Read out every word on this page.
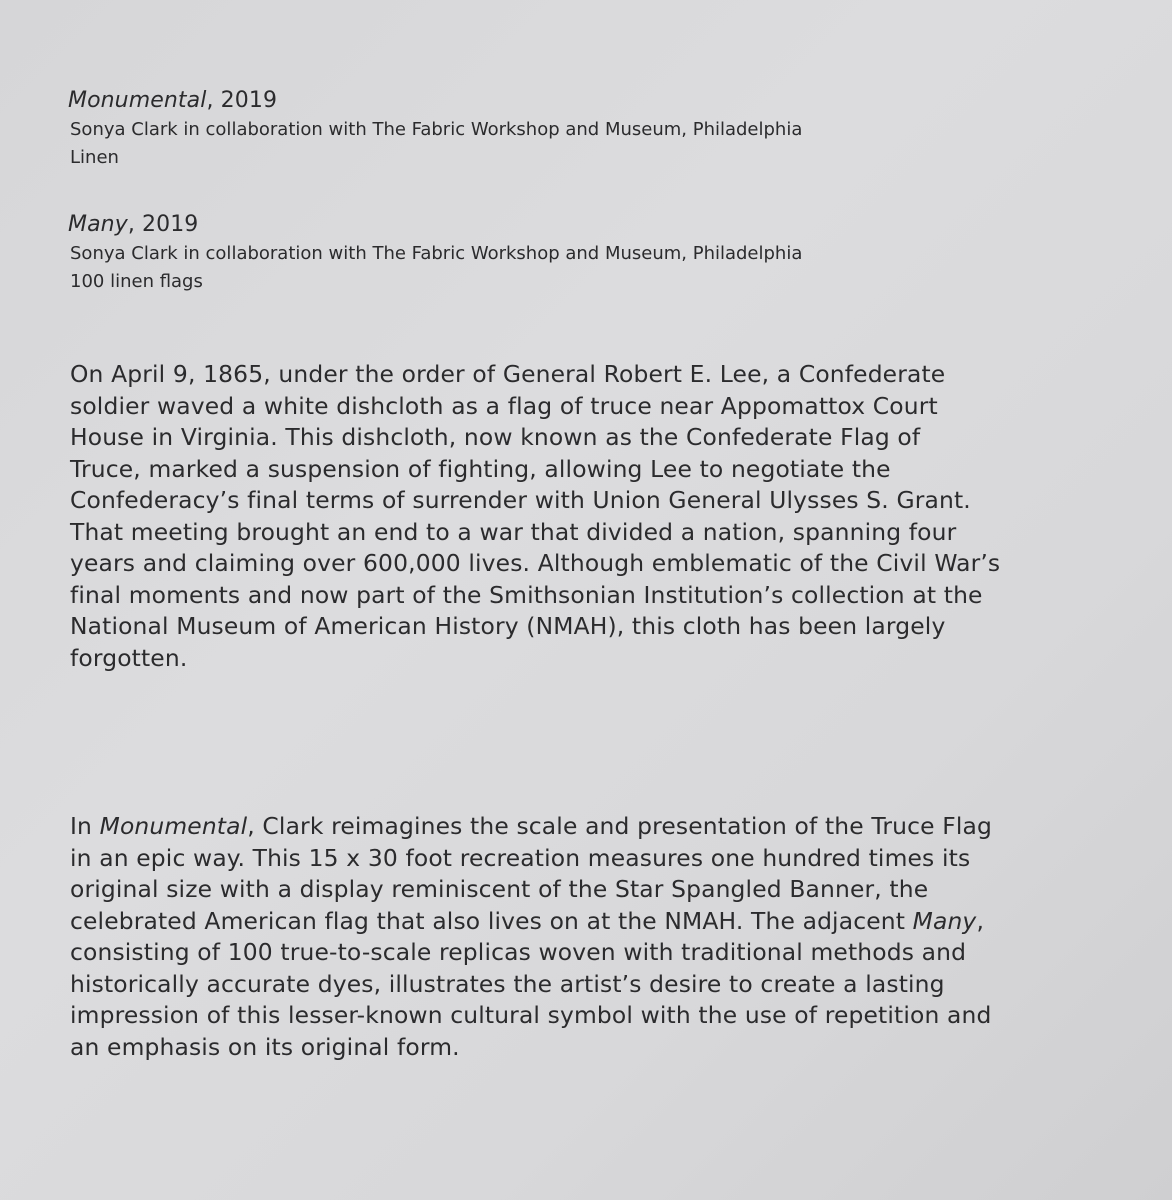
Monumental, 2019
Sonya Clark in collaboration with The Fabric Workshop and Museum, Philadelphia
Linen
Many, 2019
Sonya Clark in collaboration with The Fabric Workshop and Museum, Philadelphia
100 linen flags

On April 9, 1865, under the order of General Robert E. Lee, a Confederate
soldier waved a white dishcloth as a flag of truce near Appomattox Court
House in Virginia. This dishcloth, now known as the Confederate Flag of
Truce, marked a suspension of fighting, allowing Lee to negotiate the
Confederacy’s final terms of surrender with Union General Ulysses S. Grant.
That meeting brought an end to a war that divided a nation, spanning four
years and claiming over 600,000 lives. Although emblematic of the Civil War’s
final moments and now part of the Smithsonian Institution’s collection at the
National Museum of American History (NMAH), this cloth has been largely
forgotten.

In Monumental, Clark reimagines the scale and presentation of the Truce Flag
in an epic way. This 15 x 30 foot recreation measures one hundred times its
original size with a display reminiscent of the Star Spangled Banner, the
celebrated American flag that also lives on at the NMAH. The adjacent Many,
consisting of 100 true-to-scale replicas woven with traditional methods and
historically accurate dyes, illustrates the artist’s desire to create a lasting
impression of this lesser-known cultural symbol with the use of repetition and
an emphasis on its original form.
